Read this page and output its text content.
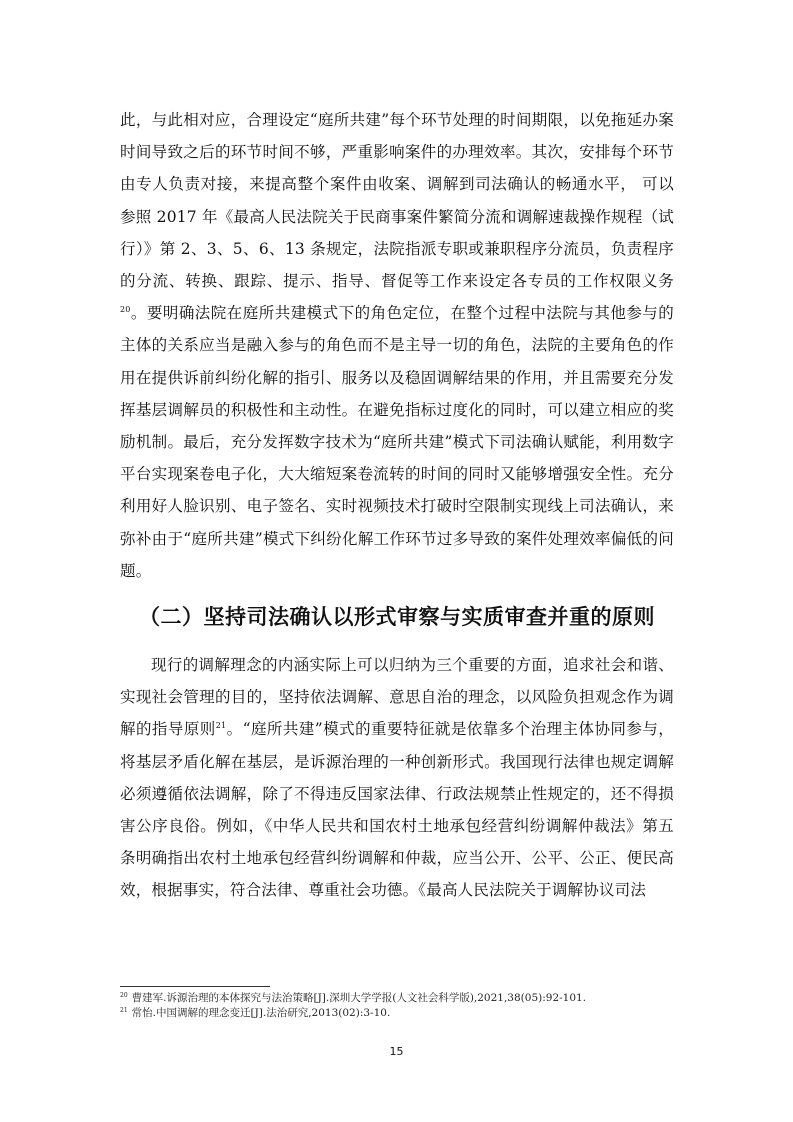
此，与此相对应，合理设定“庭所共建”每个环节处理的时间期限，以免拖延办案时间导致之后的环节时间不够，严重影响案件的办理效率。其次，安排每个环节由专人负责对接，来提高整个案件由收案、调解到司法确认的畅通水平， 可以参照 2017 年《最高人民法院关于民商事案件繁简分流和调解速裁操作规程（试行）》第 2、3、5、6、13 条规定，法院指派专职或兼职程序分流员，负责程序的分流、转换、跟踪、提示、指导、督促等工作来设定各专员的工作权限义务$^{20}$。要明确法院在庭所共建模式下的角色定位，在整个过程中法院与其他参与的主体的关系应当是融入参与的角色而不是主导一切的角色，法院的主要角色的作用在提供诉前纠纷化解的指引、服务以及稳固调解结果的作用，并且需要充分发挥基层调解员的积极性和主动性。在避免指标过度化的同时，可以建立相应的奖励机制。最后，充分发挥数字技术为“庭所共建”模式下司法确认赋能，利用数字平台实现案卷电子化，大大缩短案卷流转的时间的同时又能够增强安全性。充分利用好人脸识别、电子签名、实时视频技术打破时空限制实现线上司法确认，来弥补由于“庭所共建”模式下纠纷化解工作环节过多导致的案件处理效率偏低的问题。

（二）坚持司法确认以形式审察与实质审查并重的原则

现行的调解理念的内涵实际上可以归纳为三个重要的方面，追求社会和谐、实现社会管理的目的，坚持依法调解、意思自治的理念，以风险负担观念作为调解的指导原则$^{21}$。“庭所共建”模式的重要特征就是依靠多个治理主体协同参与，将基层矛盾化解在基层，是诉源治理的一种创新形式。我国现行法律也规定调解必须遵循依法调解，除了不得违反国家法律、行政法规禁止性规定的，还不得损害公序良俗。例如，《中华人民共和国农村土地承包经营纠纷调解仲裁法》第五条明确指出农村土地承包经营纠纷调解和仲裁，应当公开、公平、公正、便民高效，根据事实，符合法律、尊重社会功德。《最高人民法院关于调解协议司法

$^{20}$ 曹建军.诉源治理的本体探究与法治策略[J].深圳大学学报(人文社会科学版),2021,38(05):92-101.

$^{21}$ 常怡.中国调解的理念变迁[J].法治研究,2013(02):3-10.

15
